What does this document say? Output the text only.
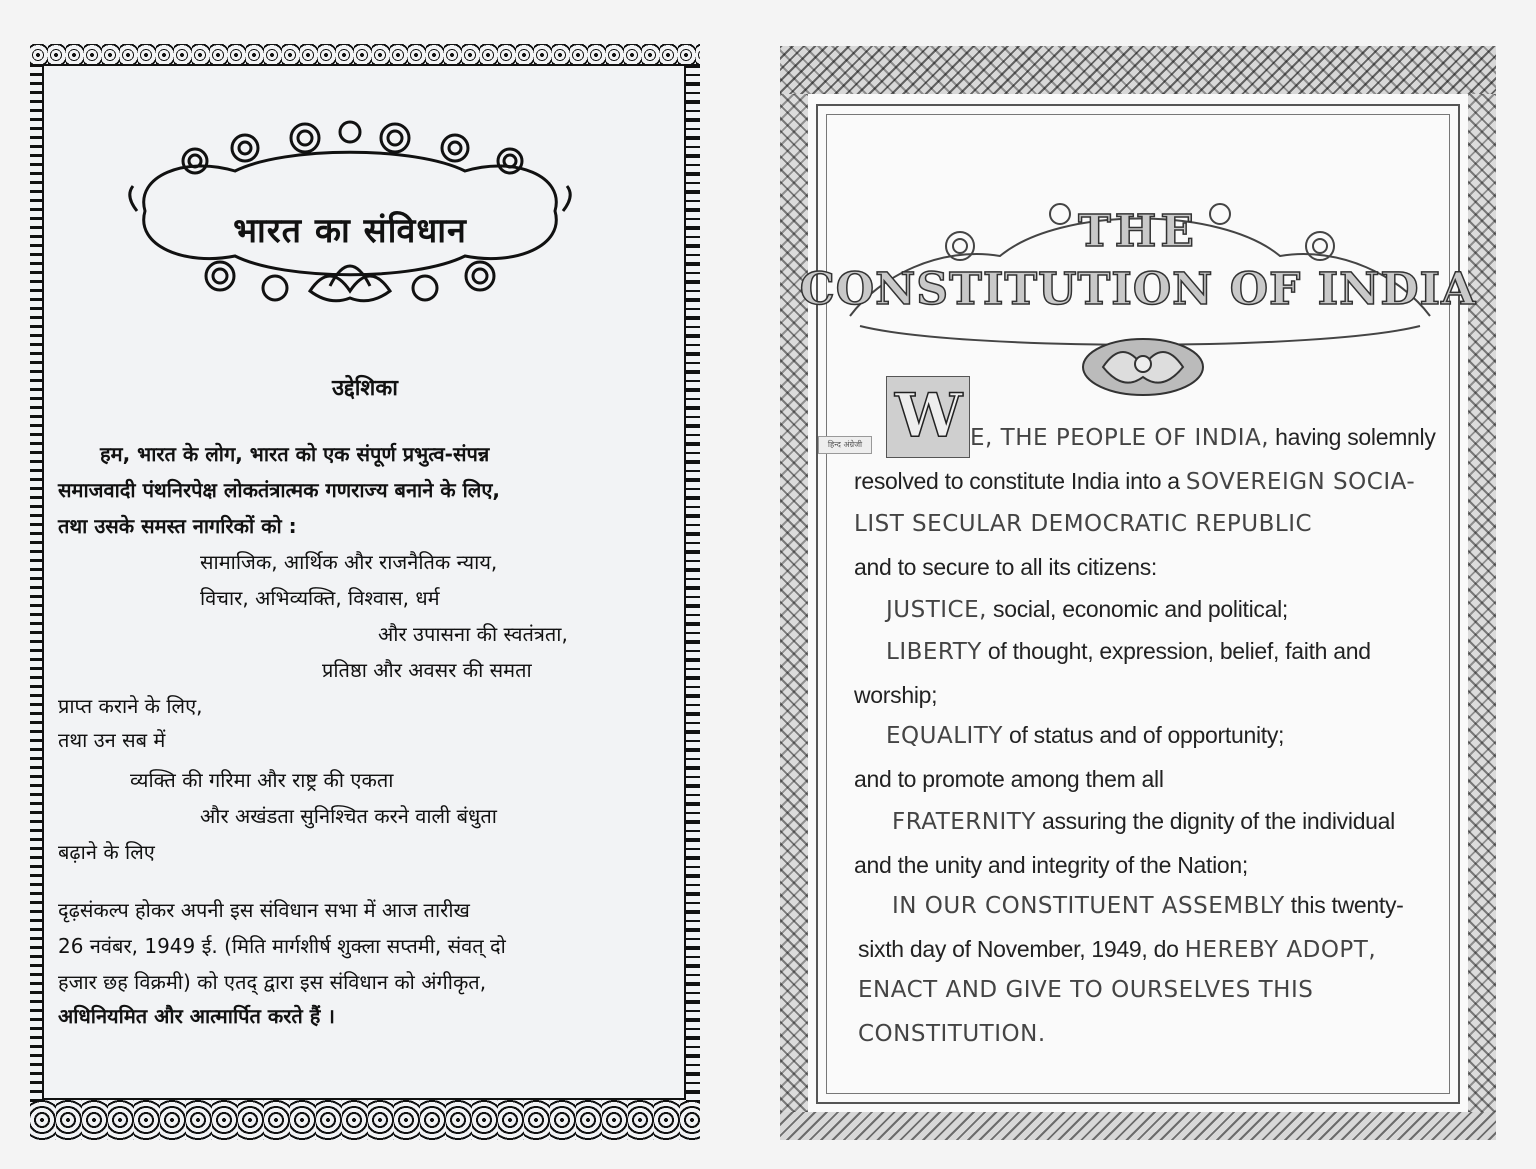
भारत का संविधान
उद्देशिका
हम, भारत के लोग, भारत को एक संपूर्ण प्रभुत्व-संपन्न
समाजवादी पंथनिरपेक्ष लोकतंत्रात्मक गणराज्य बनाने के लिए,
तथा उसके समस्त नागरिकों को :
सामाजिक, आर्थिक और राजनैतिक न्याय,
विचार, अभिव्यक्ति, विश्वास, धर्म
और उपासना की स्वतंत्रता,
प्रतिष्ठा और अवसर की समता
प्राप्त कराने के लिए,
तथा उन सब में
व्यक्ति की गरिमा और राष्ट्र की एकता
और अखंडता सुनिश्चित करने वाली बंधुता
बढ़ाने के लिए
दृढ़संकल्प होकर अपनी इस संविधान सभा में आज तारीख
26 नवंबर, 1949 ई. (मिति मार्गशीर्ष शुक्ला सप्तमी, संवत् दो
हजार छह विक्रमी) को एतद् द्वारा इस संविधान को अंगीकृत,
अधिनियमित और आत्मार्पित करते हैं ।
THE
CONSTITUTION OF INDIA
W
हिन्द अंग्रेजी	E, THE PEOPLE OF INDIA, having solemnly
resolved to constitute India into a SOVEREIGN SOCIA-
LIST SECULAR DEMOCRATIC REPUBLIC
and to secure to all its citizens:
JUSTICE, social, economic and political;
LIBERTY of thought, expression, belief, faith and
worship;
EQUALITY of status and of opportunity;
and to promote among them all
FRATERNITY assuring the dignity of the individual
and the unity and integrity of the Nation;
IN OUR CONSTITUENT ASSEMBLY this twenty-
sixth day of November, 1949, do HEREBY ADOPT,
ENACT AND GIVE TO OURSELVES THIS
CONSTITUTION.
